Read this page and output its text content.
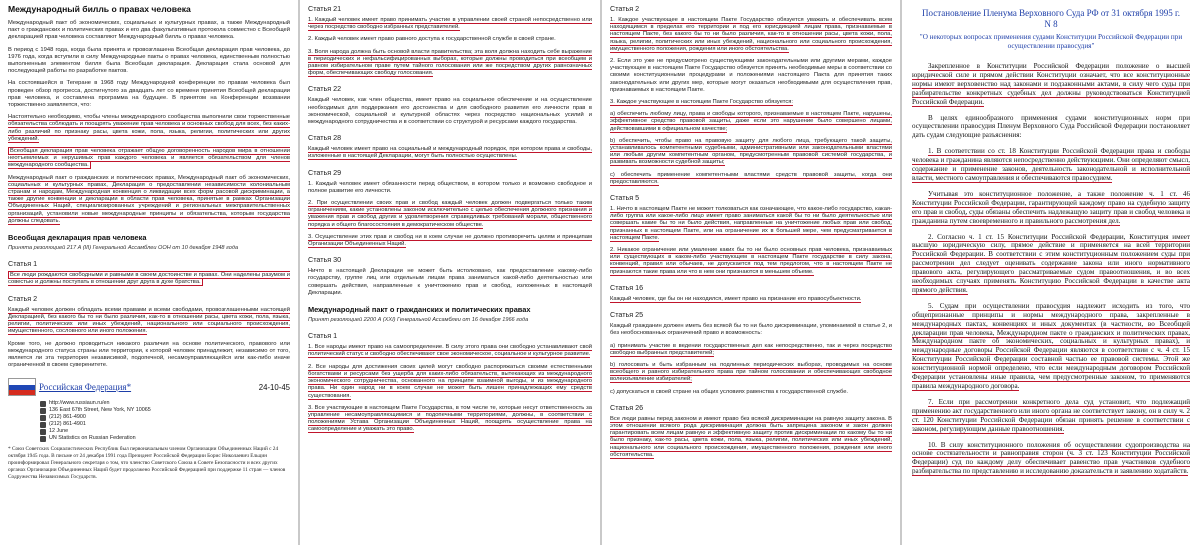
Международный билль о правах человека
Международный пакт об экономических, социальных и культурных правах, а также Международный пакт о гражданских и политических правах и его два факультативных протокола совместно с Всеобщей декларацией прав человека составляют Международный билль о правах человека.
В период с 1948 года, когда была принята и провозглашена Всеобщая декларация прав человека, до 1976 года, когда вступили в силу Международные пакты о правах человека, единственным полностью выполненным элементом билля была Всеобщая декларация. Декларация стала основой для последующей работы по разработке пактов.
На состоявшейся в Тегеране в 1968 году Международной конференции по правам человека был проведен обзор прогресса, достигнутого за двадцать лет со времени принятия Всеобщей декларации прав человека, и составлена программа на будущее. В принятом на Конференции воззвании торжественно заявляется, что:
Настоятельно необходимо, чтобы члены международного сообщества выполнили свои торжественные обязательства соблюдать и поощрять уважение прав человека и основных свобод для всех, без каких-либо различий по признаку расы, цвета кожи, пола, языка, религии, политических или других убеждений.
Всеобщая декларация прав человека отражает общую договоренность народов мира в отношении неотъемлемых и нерушимых прав каждого человека и является обязательством для членов международного сообщества.
Международный пакт о гражданских и политических правах, Международный пакт об экономических, социальных и культурных правах, Декларация о предоставлении независимости колониальным странам и народам, Международная конвенция о ликвидации всех форм расовой дискриминации, а также другие конвенции и декларации в области прав человека, принятые в рамках Организации Объединенных Наций, специализированных учреждений и региональных межправительственных организаций, установили новые международные принципы и обязательства, которым государства должны следовать.
Всеобщая декларация прав человека
Принята резолюцией 217 A (III) Генеральной Ассамблеи ООН от 10 декабря 1948 года
Статья 1
Все люди рождаются свободными и равными в своем достоинстве и правах. Они наделены разумом и совестью и должны поступать в отношении друг друга в духе братства.
Статья 2
Каждый человек должен обладать всеми правами и всеми свободами, провозглашенными настоящей Декларацией, без какого бы то ни было различия, как-то в отношении расы, цвета кожи, пола, языка, религии, политических или иных убеждений, национального или социального происхождения, имущественного, сословного или иного положения.
Кроме того, не должно проводиться никакого различия на основе политического, правового или международного статуса страны или территории, к которой человек принадлежит, независимо от того, является ли эта территория независимой, подопечной, несамоуправляющейся или как-либо иначе ограниченной в своем суверенитете.
Российская Федерация*	24-10-45
http://www.russiaun.ru/en
136 East 67th Street, New York, NY 10065
(212) 861-4900
(212) 861-4901
12 June
UN Statistics on Russian Federation
* Союз Советских Социалистических Республик был первоначальным членом Организации Объединенных Наций с 24 октября 1945 года. В письме от 24 декабря 1991 года Президент Российской Федерации Борис Николаевич Ельцин проинформировал Генерального секретаря о том, что членство Советского Союза в Совете Безопасности и всех других органах Организации Объединенных Наций будет продолжено Российской Федерацией при поддержке 11 стран — членов Содружества Независимых Государств.
Статья 21
1. Каждый человек имеет право принимать участие в управлении своей страной непосредственно или через посредство свободно избранных представителей.
2. Каждый человек имеет право равного доступа к государственной службе в своей стране.
3. Воля народа должна быть основой власти правительства; эта воля должна находить себе выражение в периодических и нефальсифицированных выборах, которые должны проводиться при всеобщем и равном избирательном праве путем тайного голосования или же посредством других равнозначных форм, обеспечивающих свободу голосования.
Статья 22
Каждый человек, как член общества, имеет право на социальное обеспечение и на осуществление необходимых для поддержания его достоинства и для свободного развития его личности прав в экономической, социальной и культурной областях через посредство национальных усилий и международного сотрудничества и в соответствии со структурой и ресурсами каждого государства.
Статья 28
Каждый человек имеет право на социальный и международный порядок, при котором права и свободы, изложенные в настоящей Декларации, могут быть полностью осуществлены.
Статья 29
1. Каждый человек имеет обязанности перед обществом, в котором только и возможно свободное и полное развитие его личности.
2. При осуществлении своих прав и свобод каждый человек должен подвергаться только таким ограничениям, какие установлены законом исключительно с целью обеспечения должного признания и уважения прав и свобод других и удовлетворения справедливых требований морали, общественного порядка и общего благосостояния в демократическом обществе.
3. Осуществление этих прав и свобод ни в коем случае не должно противоречить целям и принципам Организации Объединенных Наций.
Статья 30
Ничто в настоящей Декларации не может быть истолковано, как предоставление какому-либо государству, группе лиц или отдельным лицам права заниматься какой-либо деятельностью или совершать действия, направленные к уничтожению прав и свобод, изложенных в настоящей Декларации.
Международный пакт о гражданских и политических правах
Принят резолюцией 2200 A (XXI) Генеральной Ассамблеи от 16 декабря 1966 года
Статья 1
1. Все народы имеют право на самоопределение. В силу этого права они свободно устанавливают свой политический статус и свободно обеспечивают свое экономическое, социальное и культурное развитие.
2. Все народы для достижения своих целей могут свободно распоряжаться своими естественными богатствами и ресурсами без ущерба для каких-либо обязательств, вытекающих из международного экономического сотрудничества, основанного на принципе взаимной выгоды, и из международного права. Ни один народ ни в коем случае не может быть лишен принадлежащих ему средств существования.
3. Все участвующие в настоящем Пакте Государства, в том числе те, которые несут ответственность за управление несамоуправляющимися и подопечными территориями, должны, в соответствии с положениями Устава Организации Объединенных Наций, поощрять осуществление права на самоопределение и уважать это право.
Статья 2
1. Каждое участвующее в настоящем Пакте Государство обязуется уважать и обеспечивать всем находящимся в пределах его территории и под его юрисдикцией лицам права, признаваемые в настоящем Пакте, без какого бы то ни было различия, как-то в отношении расы, цвета кожи, пола, языка, религии, политических или иных убеждений, национального или социального происхождения, имущественного положения, рождения или иного обстоятельства.
2. Если это уже не предусмотрено существующими законодательными или другими мерами, каждое участвующее в настоящем Пакте Государство обязуется принять необходимые меры в соответствии со своими конституционными процедурами и положениями настоящего Пакта для принятия таких законодательных или других мер, которые могут оказаться необходимыми для осуществления прав, признаваемых в настоящем Пакте.
3. Каждое участвующее в настоящем Пакте Государство обязуется:
a) обеспечить любому лицу, права и свободы которого, признаваемые в настоящем Пакте, нарушены, эффективное средство правовой защиты, даже если это нарушение было совершено лицами, действовавшими в официальном качестве;
b) обеспечить, чтобы право на правовую защиту для любого лица, требующего такой защиты, устанавливалось компетентными судебными, административными или законодательными властями или любым другим компетентным органом, предусмотренным правовой системой государства, и развивать возможности судебной защиты;
c) обеспечить применение компетентными властями средств правовой защиты, когда они предоставляются.
Статья 5
1. Ничто в настоящем Пакте не может толковаться как означающее, что какое-либо государство, какая-либо группа или какое-либо лицо имеет право заниматься какой бы то ни было деятельностью или совершать какие бы то ни было действия, направленные на уничтожение любых прав или свобод, признанных в настоящем Пакте, или на ограничение их в большей мере, чем предусматривается в настоящем Пакте.
2. Никакое ограничение или умаление каких бы то ни было основных прав человека, признаваемых или существующих в каком-либо участвующем в настоящем Пакте государстве в силу закона, конвенций, правил или обычаев, не допускается под тем предлогом, что в настоящем Пакте не признаются такие права или что в нем они признаются в меньшем объеме.
Статья 16
Каждый человек, где бы он ни находился, имеет право на признание его правосубъектности.
Статья 25
Каждый гражданин должен иметь без всякой бы то ни было дискриминации, упоминаемой в статье 2, и без необоснованных ограничений право и возможность:
a) принимать участие в ведении государственных дел как непосредственно, так и через посредство свободно выбранных представителей;
b) голосовать и быть избранным на подлинных периодических выборах, проводимых на основе всеобщего и равного избирательного права при тайном голосовании и обеспечивающих свободное волеизъявление избирателей;
c) допускаться в своей стране на общих условиях равенства к государственной службе.
Статья 26
Все люди равны перед законом и имеют право без всякой дискриминации на равную защиту закона. В этом отношении всякого рода дискриминация должна быть запрещена законом и закон должен гарантировать всем лицам равную и эффективную защиту против дискриминации по какому бы то ни было признаку, как-то расы, цвета кожи, пола, языка, религии, политических или иных убеждений, национального или социального происхождения, имущественного положения, рождения или иного обстоятельства.
Постановление Пленума Верховного Суда РФ от 31 октября 1995 г.
N 8
"О некоторых вопросах применения судами Конституции Российской Федерации при осуществлении правосудия"
Закрепленное в Конституции Российской Федерации положение о высшей юридической силе и прямом действии Конституции означает, что все конституционные нормы имеют верховенство над законами и подзаконными актами, в силу чего суды при разбирательстве конкретных судебных дел должны руководствоваться Конституцией Российской Федерации.
В целях единообразного применения судами конституционных норм при осуществлении правосудия Пленум Верховного Суда Российской Федерации постановляет дать судам следующие разъяснения:
1. В соответствии со ст. 18 Конституции Российской Федерации права и свободы человека и гражданина являются непосредственно действующими. Они определяют смысл, содержание и применение законов, деятельность законодательной и исполнительной власти, местного самоуправления и обеспечиваются правосудием.
Учитывая это конституционное положение, а также положение ч. 1 ст. 46 Конституции Российской Федерации, гарантирующей каждому право на судебную защиту его прав и свобод, суды обязаны обеспечить надлежащую защиту прав и свобод человека и гражданина путем своевременного и правильного рассмотрения дел.
2. Согласно ч. 1 ст. 15 Конституции Российской Федерации, Конституция имеет высшую юридическую силу, прямое действие и применяется на всей территории Российской Федерации. В соответствии с этим конституционным положением суды при рассмотрении дел следует оценивать содержание закона или иного нормативного правового акта, регулирующего рассматриваемые судом правоотношения, и во всех необходимых случаях применять Конституцию Российской Федерации в качестве акта прямого действия.
5. Судам при осуществлении правосудия надлежит исходить из того, что общепризнанные принципы и нормы международного права, закрепленные в международных пактах, конвенциях и иных документах (в частности, во Всеобщей декларации прав человека, Международном пакте о гражданских и политических правах, Международном пакте об экономических, социальных и культурных правах), и международные договоры Российской Федерации являются в соответствии с ч. 4 ст. 15 Конституции Российской Федерации составной частью ее правовой системы. Этой же конституционной нормой определено, что если международным договором Российской Федерации установлены иные правила, чем предусмотренные законом, то применяются правила международного договора.
7. Если при рассмотрении конкретного дела суд установит, что подлежащий применению акт государственного или иного органа не соответствует закону, он в силу ч. 2 ст. 120 Конституции Российской Федерации обязан принять решение в соответствии с законом, регулирующим данные правоотношения.
10. В силу конституционного положения об осуществлении судопроизводства на основе состязательности и равноправия сторон (ч. 3 ст. 123 Конституции Российской Федерации) суд по каждому делу обеспечивает равенство прав участников судебного разбирательства по представлению и исследованию доказательств и заявлению ходатайств.
